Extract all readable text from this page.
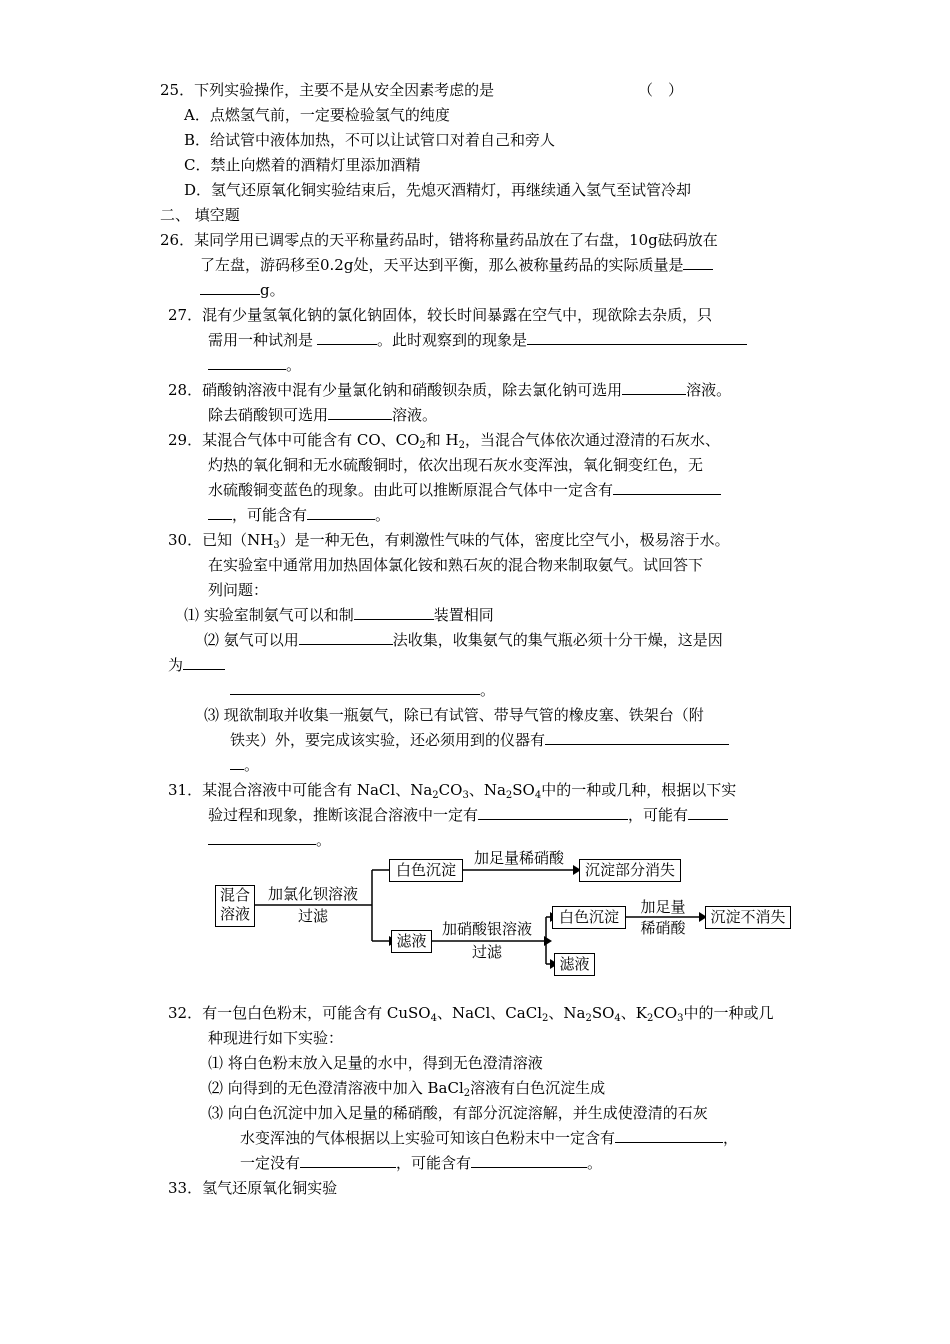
25．下列实验操作，主要不是从安全因素考虑的是	（　）
A．点燃氢气前，一定要检验氢气的纯度
B．给试管中液体加热，不可以让试管口对着自己和旁人
C．禁止向燃着的酒精灯里添加酒精
D．氢气还原氧化铜实验结束后，先熄灭酒精灯，再继续通入氢气至试管冷却
二、 填空题
26．某同学用已调零点的天平称量药品时，错将称量药品放在了右盘，10g砝码放在
了左盘，游码移至0.2g处，天平达到平衡，那么被称量药品的实际质量是
g。
27．混有少量氢氧化钠的氯化钠固体，较长时间暴露在空气中，现欲除去杂质，只
需用一种试剂是	。此时观察到的现象是
。
28．硝酸钠溶液中混有少量氯化钠和硝酸钡杂质，除去氯化钠可选用	溶液。
除去硝酸钡可选用	溶液。
29．某混合气体中可能含有 CO、$CO_2$和 $H_2$，当混合气体依次通过澄清的石灰水、
灼热的氧化铜和无水硫酸铜时，依次出现石灰水变浑浊，氧化铜变红色，无
水硫酸铜变蓝色的现象。由此可以推断原混合气体中一定含有
，可能含有	。
30．已知$(NH_3)$是一种无色，有刺激性气味的气体，密度比空气小，极易溶于水。
在实验室中通常用加热固体氯化铵和熟石灰的混合物来制取氨气。试回答下
列问题：
⑴ 实验室制氨气可以和制	装置相同
⑵ 氨气可以用	法收集，收集氨气的集气瓶必须十分干燥，这是因
为
。
⑶ 现欲制取并收集一瓶氨气，除已有试管、带导气管的橡皮塞、铁架台（附
铁夹）外，要完成该实验，还必须用到的仪器有
。
31．某混合溶液中可能含有 NaCl、$Na_2CO_3$、$Na_2SO_4$中的一种或几种，根据以下实
验过程和现象，推断该混合溶液中一定有	，可能有
。
混合
溶液
加氯化钡溶液
过滤
白色沉淀
加足量稀硝酸
沉淀部分消失
滤液
加硝酸银溶液
过滤
白色沉淀
加足量
稀硝酸
沉淀不消失
滤液
32．有一包白色粉末，可能含有 CuSO$_4$、NaCl、CaCl$_2$、$Na_2SO_4$、$K_2CO_3$中的一种或几
种现进行如下实验：
⑴ 将白色粉末放入足量的水中，得到无色澄清溶液
⑵ 向得到的无色澄清溶液中加入 BaCl$_2$溶液有白色沉淀生成
⑶ 向白色沉淀中加入足量的稀硝酸，有部分沉淀溶解，并生成使澄清的石灰
水变浑浊的气体根据以上实验可知该白色粉末中一定含有	，
一定没有	，可能含有	。
33．氢气还原氧化铜实验
